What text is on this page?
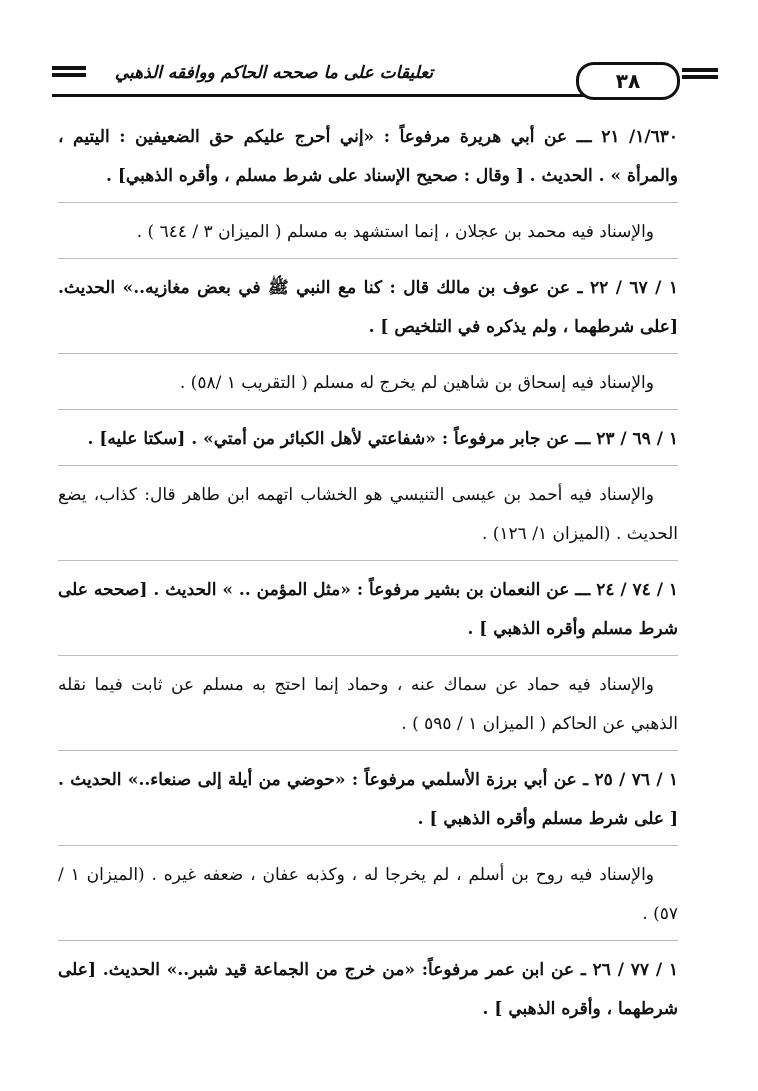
تعليقات على ما صححه الحاكم ووافقه الذهبي	٣٨

١/٦٣٠/ ٢١ ـــ عن أبي هريرة مرفوعاً : «إني أحرج عليكم حق الضعيفين : اليتيم ، والمرأة » . الحديث . [ وقال : صحيح الإسناد على شرط مسلم ، وأقره الذهبي] .

والإسناد فيه محمد بن عجلان ، إنما استشهد به مسلم ( الميزان ٣ / ٦٤٤ ) .

١ / ٦٧ / ٢٢ ـ عن عوف بن مالك قال : كنا مع النبي ﷺ في بعض مغازيه..» الحديث. [على شرطهما ، ولم يذكره في التلخيص ] .

والإسناد فيه إسحاق بن شاهين لم يخرج له مسلم ( التقريب ١ /٥٨) .

١ / ٦٩ / ٢٣ ـــ عن جابر مرفوعاً : «شفاعتي لأهل الكبائر من أمتي» . [سكتا عليه] .

والإسناد فيه أحمد بن عيسى التنيسي هو الخشاب اتهمه ابن طاهر قال: كذاب، يضع الحديث . (الميزان ١/ ١٢٦) .

١ / ٧٤ / ٢٤ ـــ عن النعمان بن بشير مرفوعاً : «مثل المؤمن .. » الحديث . [صححه على شرط مسلم وأقره الذهبي ] .

والإسناد فيه حماد عن سماك عنه ، وحماد إنما احتج به مسلم عن ثابت فيما نقله الذهبي عن الحاكم ( الميزان ١ / ٥٩٥ ) .

١ / ٧٦ / ٢٥ ـ عن أبي برزة الأسلمي مرفوعاً : «حوضي من أيلة إلى صنعاء..» الحديث . [ على شرط مسلم وأقره الذهبي ] .

والإسناد فيه روح بن أسلم ، لم يخرجا له ، وكذبه عفان ، ضعفه غيره . (الميزان ١ / ٥٧) .

١ / ٧٧ / ٢٦ ـ عن ابن عمر مرفوعاً: «من خرج من الجماعة قيد شبر..» الحديث. [على شرطهما ، وأقره الذهبي ] .
